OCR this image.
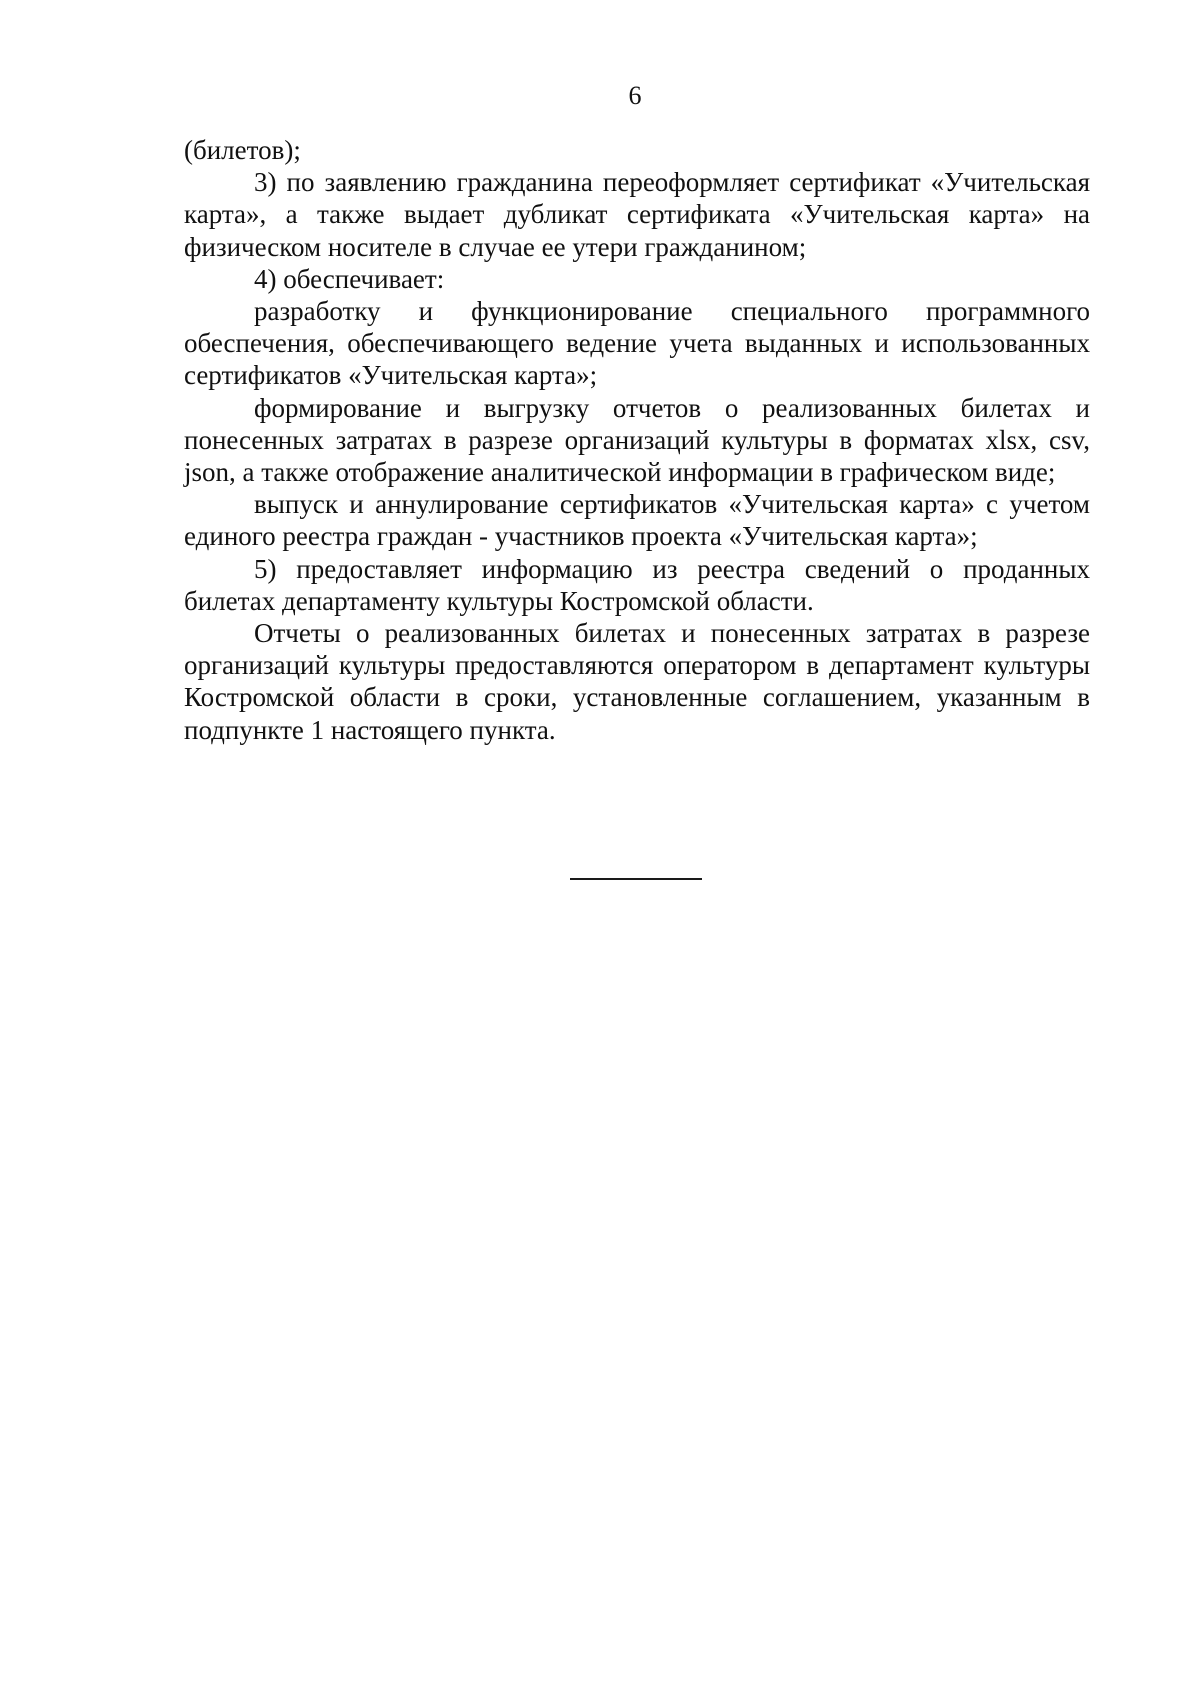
6

(билетов);

3) по заявлению гражданина переоформляет сертификат «Учительская карта», а также выдает дубликат сертификата «Учительская карта» на физическом носителе в случае ее утери гражданином;

4) обеспечивает:

разработку и функционирование специального программного обеспечения, обеспечивающего ведение учета выданных и использованных сертификатов «Учительская карта»;

формирование и выгрузку отчетов о реализованных билетах и понесенных затратах в разрезе организаций культуры в форматах xlsx, csv, json, а также отображение аналитической информации в графическом виде;

выпуск и аннулирование сертификатов «Учительская карта» с учетом единого реестра граждан - участников проекта «Учительская карта»;

5) предоставляет информацию из реестра сведений о проданных билетах департаменту культуры Костромской области.

Отчеты о реализованных билетах и понесенных затратах в разрезе организаций культуры предоставляются оператором в департамент культуры Костромской области в сроки, установленные соглашением, указанным в подпункте 1 настоящего пункта.
